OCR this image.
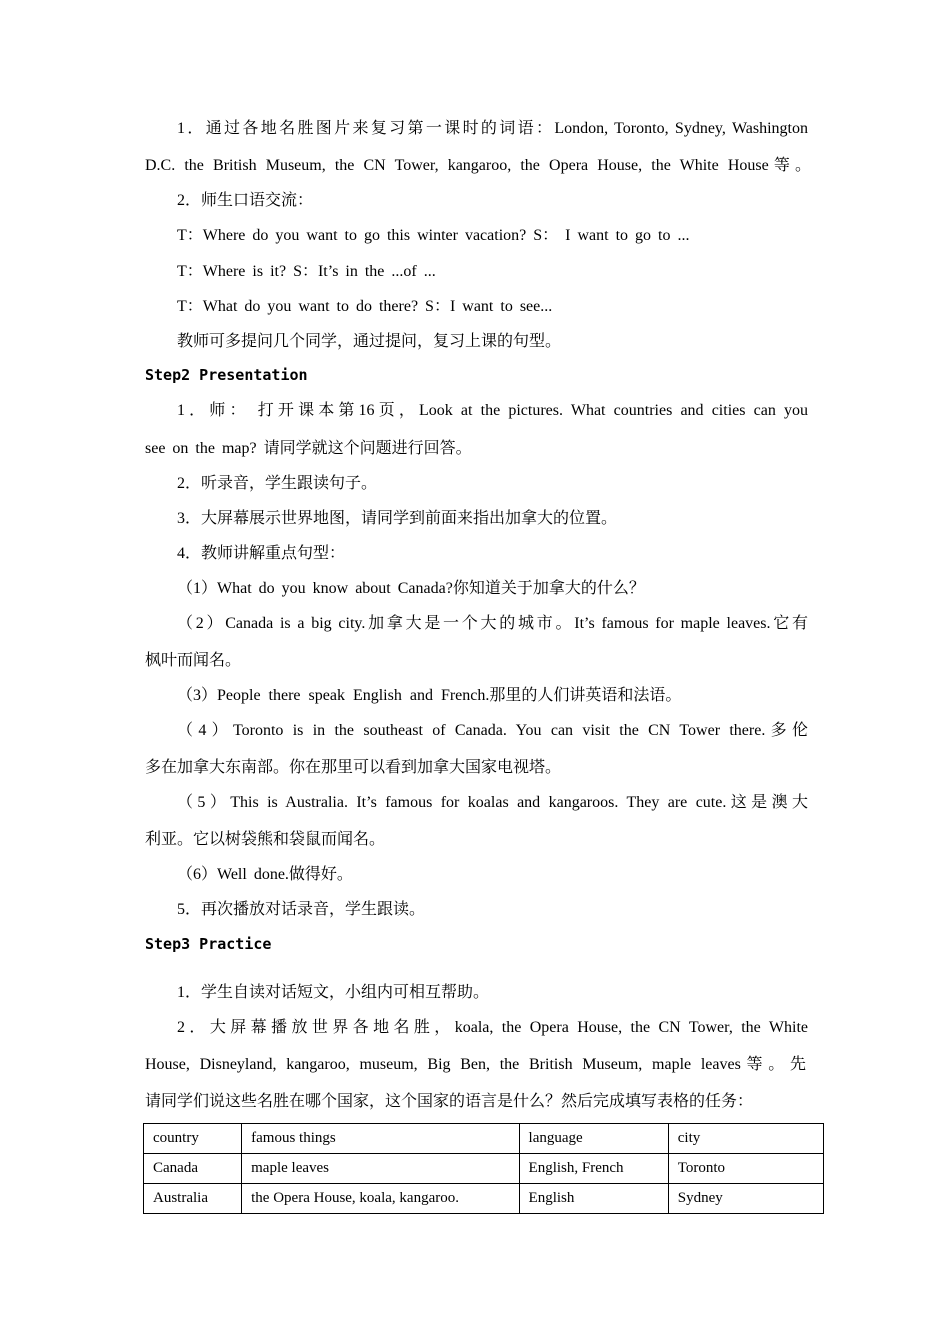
1．通过各地名胜图片来复习第一课时的词语：London, Toronto, Sydney, Washington
D.C. the British Museum, the CN Tower, kangaroo, the Opera House, the White House等。
2．师生口语交流：
T：Where do you want to go this winter vacation? S： I want to go to ...
T：Where is it? S：It’s in the ...of ...
T：What do you want to do there? S：I want to see...
教师可多提问几个同学，通过提问，复习上课的句型。
Step2 Presentation
1．师： 打开课本第16页，Look at the pictures. What countries and cities can you
see on the map? 请同学就这个问题进行回答。
2．听录音，学生跟读句子。
3．大屏幕展示世界地图，请同学到前面来指出加拿大的位置。
4．教师讲解重点句型：
（1）What do you know about Canada?你知道关于加拿大的什么？
（2）Canada is a big city.加拿大是一个大的城市。It’s famous for maple leaves.它有
枫叶而闻名。
（3）People there speak English and French.那里的人们讲英语和法语。
（4）Toronto is in the southeast of Canada. You can visit the CN Tower there.多伦
多在加拿大东南部。你在那里可以看到加拿大国家电视塔。
（5）This is Australia. It’s famous for koalas and kangaroos. They are cute.这是澳大
利亚。它以树袋熊和袋鼠而闻名。
（6）Well done.做得好。
5．再次播放对话录音，学生跟读。
Step3 Practice
1．学生自读对话短文，小组内可相互帮助。
2．大屏幕播放世界各地名胜，koala, the Opera House, the CN Tower, the White
House, Disneyland, kangaroo, museum, Big Ben, the British Museum, maple leaves等。先
请同学们说这些名胜在哪个国家，这个国家的语言是什么？然后完成填写表格的任务：
country	famous things	language	city
Canada	maple leaves	English, French	Toronto
Australia	the Opera House, koala, kangaroo.	English	Sydney
